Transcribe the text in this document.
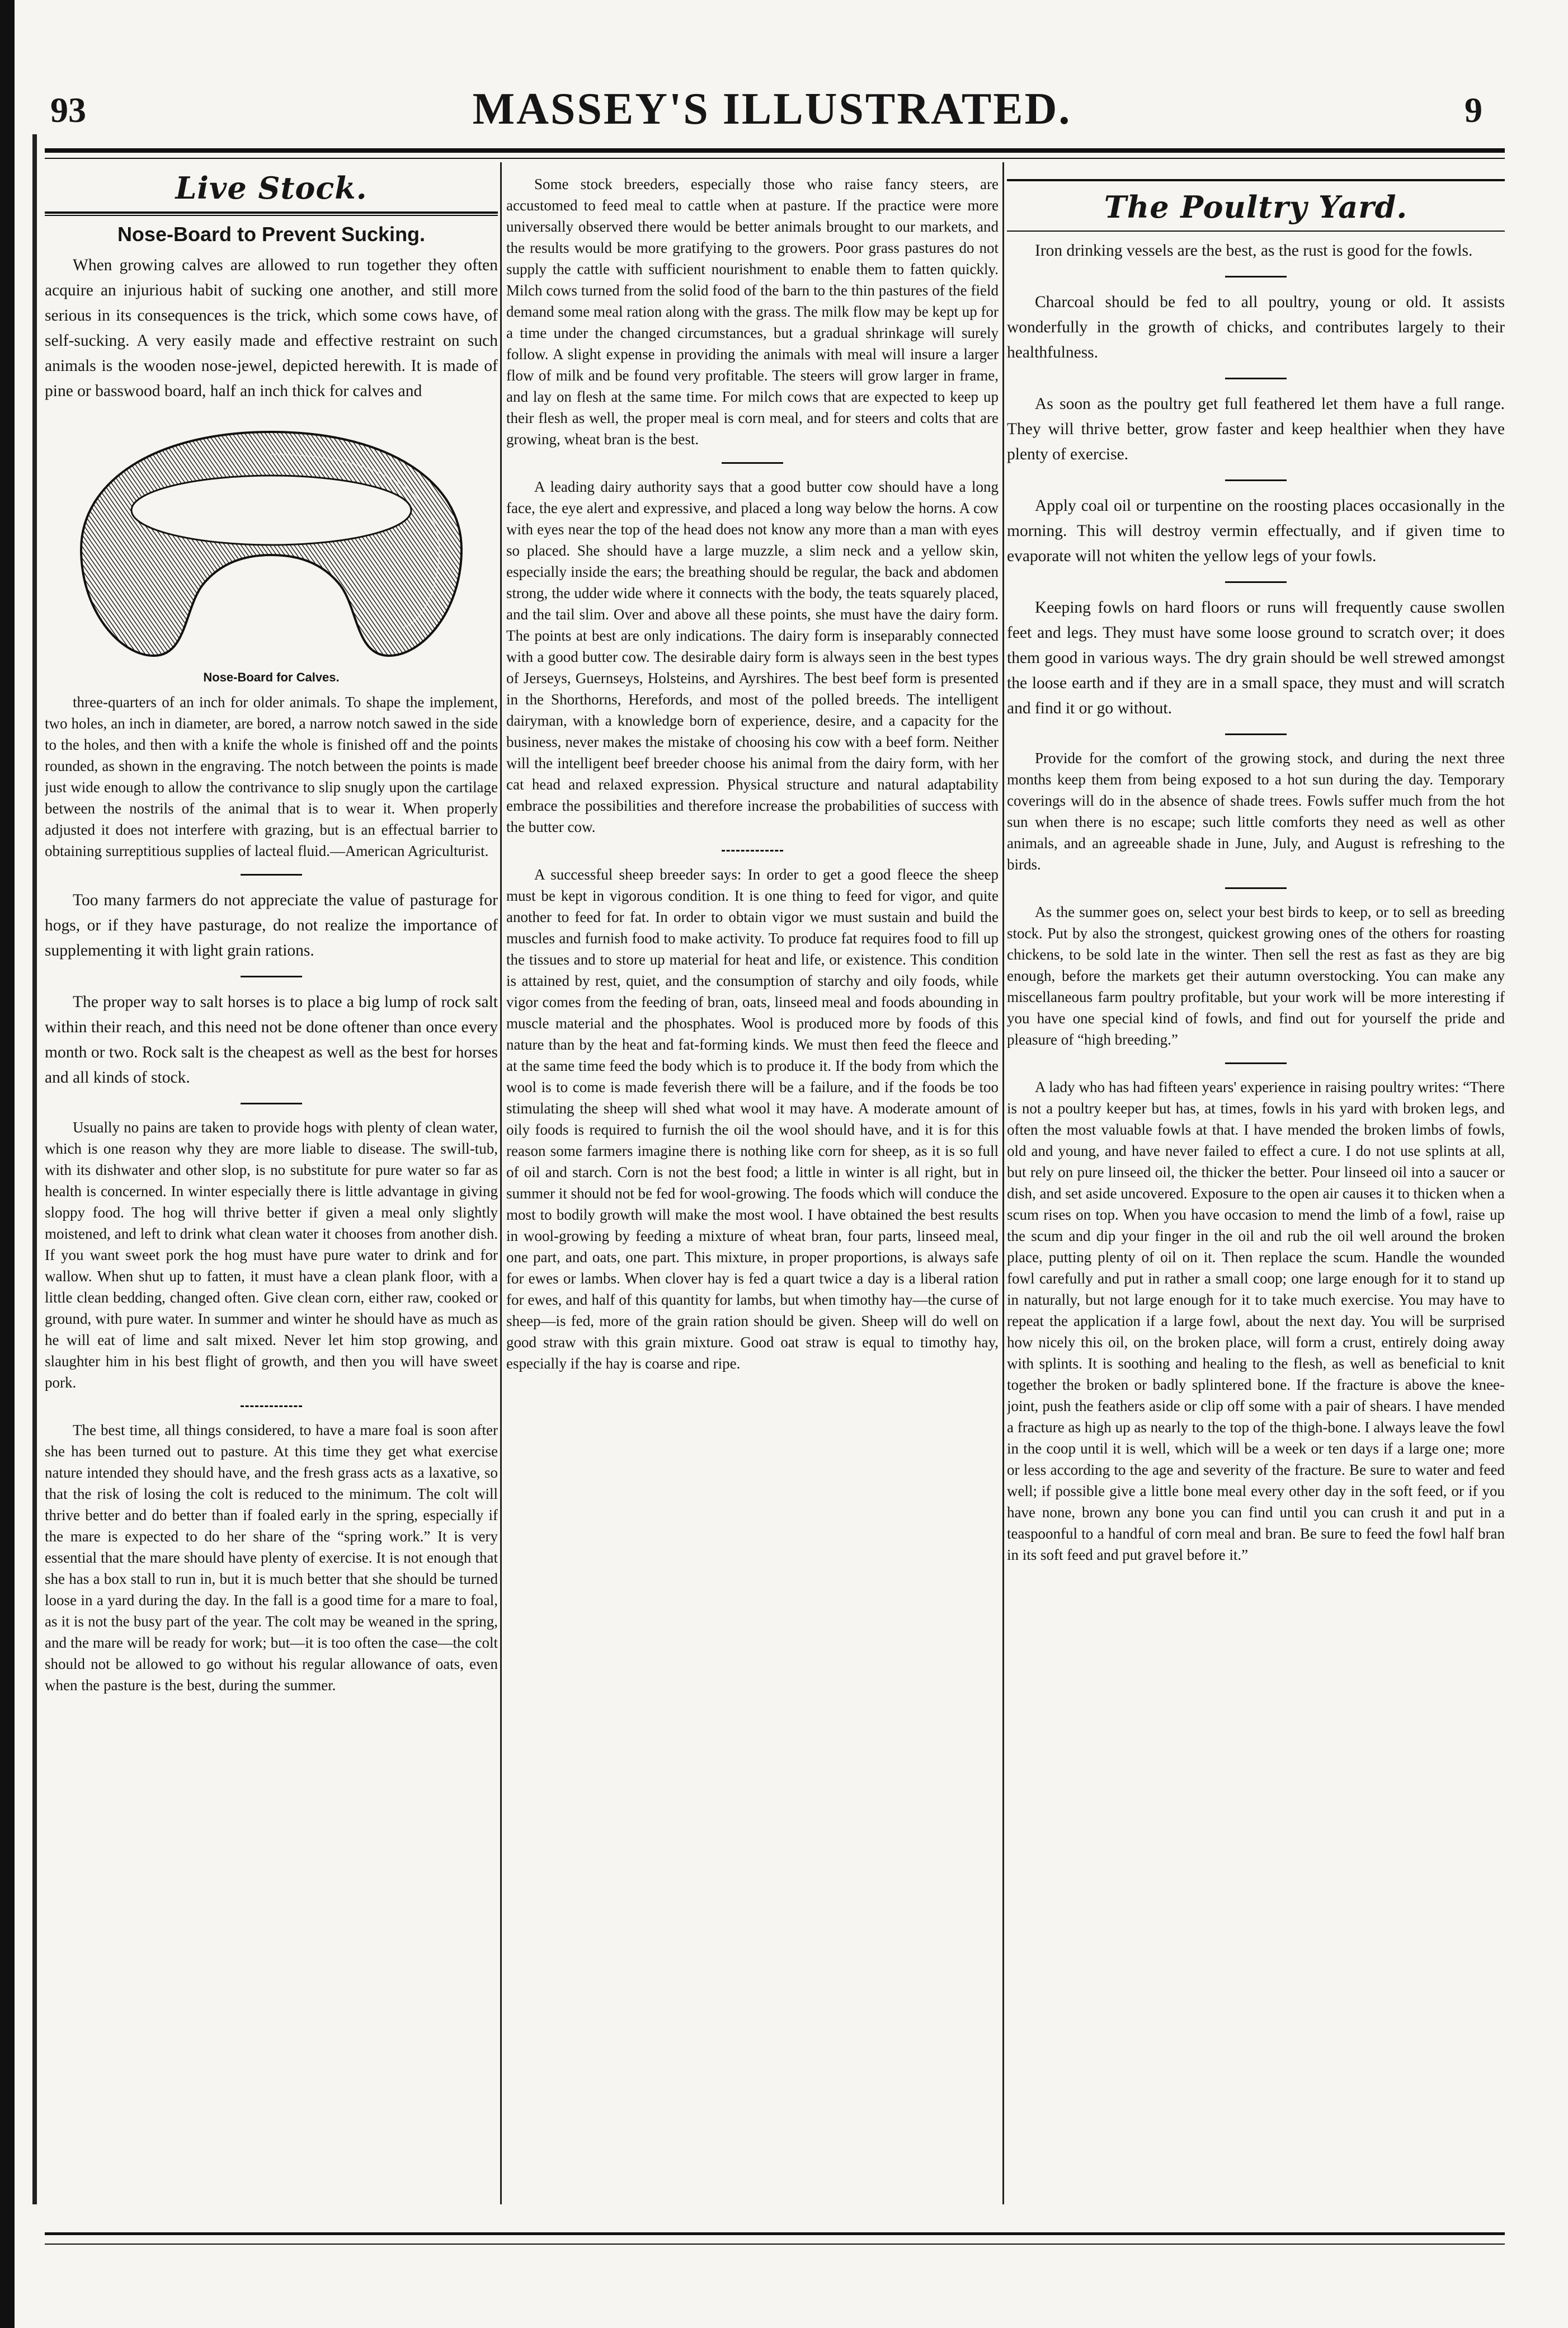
93	MASSEY'S ILLUSTRATED.	9
Live Stock.
Nose-Board to Prevent Sucking.

When growing calves are allowed to run together they often acquire an injurious habit of sucking one another, and still more serious in its consequences is the trick, which some cows have, of self-sucking. A very easily made and effective restraint on such animals is the wooden nose-jewel, depicted herewith. It is made of pine or basswood board, half an inch thick for calves and

Nose-Board for Calves.

three-quarters of an inch for older animals. To shape the implement, two holes, an inch in diameter, are bored, a narrow notch sawed in the side to the holes, and then with a knife the whole is finished off and the points rounded, as shown in the engraving. The notch between the points is made just wide enough to allow the contrivance to slip snugly upon the cartilage between the nostrils of the animal that is to wear it. When properly adjusted it does not interfere with grazing, but is an effectual barrier to obtaining surreptitious supplies of lacteal fluid.—American Agriculturist.

Too many farmers do not appreciate the value of pasturage for hogs, or if they have pasturage, do not realize the importance of supplementing it with light grain rations.

The proper way to salt horses is to place a big lump of rock salt within their reach, and this need not be done oftener than once every month or two. Rock salt is the cheapest as well as the best for horses and all kinds of stock.

Usually no pains are taken to provide hogs with plenty of clean water, which is one reason why they are more liable to disease. The swill-tub, with its dishwater and other slop, is no substitute for pure water so far as health is concerned. In winter especially there is little advantage in giving sloppy food. The hog will thrive better if given a meal only slightly moistened, and left to drink what clean water it chooses from another dish. If you want sweet pork the hog must have pure water to drink and for wallow. When shut up to fatten, it must have a clean plank floor, with a little clean bedding, changed often. Give clean corn, either raw, cooked or ground, with pure water. In summer and winter he should have as much as he will eat of lime and salt mixed. Never let him stop growing, and slaughter him in his best flight of growth, and then you will have sweet pork.

The best time, all things considered, to have a mare foal is soon after she has been turned out to pasture. At this time they get what exercise nature intended they should have, and the fresh grass acts as a laxative, so that the risk of losing the colt is reduced to the minimum. The colt will thrive better and do better than if foaled early in the spring, especially if the mare is expected to do her share of the “spring work.” It is very essential that the mare should have plenty of exercise. It is not enough that she has a box stall to run in, but it is much better that she should be turned loose in a yard during the day. In the fall is a good time for a mare to foal, as it is not the busy part of the year. The colt may be weaned in the spring, and the mare will be ready for work; but—it is too often the case—the colt should not be allowed to go without his regular allowance of oats, even when the pasture is the best, during the summer.

Some stock breeders, especially those who raise fancy steers, are accustomed to feed meal to cattle when at pasture. If the practice were more universally observed there would be better animals brought to our markets, and the results would be more gratifying to the growers. Poor grass pastures do not supply the cattle with sufficient nourishment to enable them to fatten quickly. Milch cows turned from the solid food of the barn to the thin pastures of the field demand some meal ration along with the grass. The milk flow may be kept up for a time under the changed circumstances, but a gradual shrinkage will surely follow. A slight expense in providing the animals with meal will insure a larger flow of milk and be found very profitable. The steers will grow larger in frame, and lay on flesh at the same time. For milch cows that are expected to keep up their flesh as well, the proper meal is corn meal, and for steers and colts that are growing, wheat bran is the best.

A leading dairy authority says that a good butter cow should have a long face, the eye alert and expressive, and placed a long way below the horns. A cow with eyes near the top of the head does not know any more than a man with eyes so placed. She should have a large muzzle, a slim neck and a yellow skin, especially inside the ears; the breathing should be regular, the back and abdomen strong, the udder wide where it connects with the body, the teats squarely placed, and the tail slim. Over and above all these points, she must have the dairy form. The points at best are only indications. The dairy form is inseparably connected with a good butter cow. The desirable dairy form is always seen in the best types of Jerseys, Guernseys, Holsteins, and Ayrshires. The best beef form is presented in the Shorthorns, Herefords, and most of the polled breeds. The intelligent dairyman, with a knowledge born of experience, desire, and a capacity for the business, never makes the mistake of choosing his cow with a beef form. Neither will the intelligent beef breeder choose his animal from the dairy form, with her cat head and relaxed expression. Physical structure and natural adaptability embrace the possibilities and therefore increase the probabilities of success with the butter cow.

A successful sheep breeder says: In order to get a good fleece the sheep must be kept in vigorous condition. It is one thing to feed for vigor, and quite another to feed for fat. In order to obtain vigor we must sustain and build the muscles and furnish food to make activity. To produce fat requires food to fill up the tissues and to store up material for heat and life, or existence. This condition is attained by rest, quiet, and the consumption of starchy and oily foods, while vigor comes from the feeding of bran, oats, linseed meal and foods abounding in muscle material and the phosphates. Wool is produced more by foods of this nature than by the heat and fat-forming kinds. We must then feed the fleece and at the same time feed the body which is to produce it. If the body from which the wool is to come is made feverish there will be a failure, and if the foods be too stimulating the sheep will shed what wool it may have. A moderate amount of oily foods is required to furnish the oil the wool should have, and it is for this reason some farmers imagine there is nothing like corn for sheep, as it is so full of oil and starch. Corn is not the best food; a little in winter is all right, but in summer it should not be fed for wool-growing. The foods which will conduce the most to bodily growth will make the most wool. I have obtained the best results in wool-growing by feeding a mixture of wheat bran, four parts, linseed meal, one part, and oats, one part. This mixture, in proper proportions, is always safe for ewes or lambs. When clover hay is fed a quart twice a day is a liberal ration for ewes, and half of this quantity for lambs, but when timothy hay—the curse of sheep—is fed, more of the grain ration should be given. Sheep will do well on good straw with this grain mixture. Good oat straw is equal to timothy hay, especially if the hay is coarse and ripe.

The Poultry Yard.

Iron drinking vessels are the best, as the rust is good for the fowls.

Charcoal should be fed to all poultry, young or old. It assists wonderfully in the growth of chicks, and contributes largely to their healthfulness.

As soon as the poultry get full feathered let them have a full range. They will thrive better, grow faster and keep healthier when they have plenty of exercise.

Apply coal oil or turpentine on the roosting places occasionally in the morning. This will destroy vermin effectually, and if given time to evaporate will not whiten the yellow legs of your fowls.

Keeping fowls on hard floors or runs will frequently cause swollen feet and legs. They must have some loose ground to scratch over; it does them good in various ways. The dry grain should be well strewed amongst the loose earth and if they are in a small space, they must and will scratch and find it or go without.

Provide for the comfort of the growing stock, and during the next three months keep them from being exposed to a hot sun during the day. Temporary coverings will do in the absence of shade trees. Fowls suffer much from the hot sun when there is no escape; such little comforts they need as well as other animals, and an agreeable shade in June, July, and August is refreshing to the birds.

As the summer goes on, select your best birds to keep, or to sell as breeding stock. Put by also the strongest, quickest growing ones of the others for roasting chickens, to be sold late in the winter. Then sell the rest as fast as they are big enough, before the markets get their autumn overstocking. You can make any miscellaneous farm poultry profitable, but your work will be more interesting if you have one special kind of fowls, and find out for yourself the pride and pleasure of “high breeding.”

A lady who has had fifteen years' experience in raising poultry writes: “There is not a poultry keeper but has, at times, fowls in his yard with broken legs, and often the most valuable fowls at that. I have mended the broken limbs of fowls, old and young, and have never failed to effect a cure. I do not use splints at all, but rely on pure linseed oil, the thicker the better. Pour linseed oil into a saucer or dish, and set aside uncovered. Exposure to the open air causes it to thicken when a scum rises on top. When you have occasion to mend the limb of a fowl, raise up the scum and dip your finger in the oil and rub the oil well around the broken place, putting plenty of oil on it. Then replace the scum. Handle the wounded fowl carefully and put in rather a small coop; one large enough for it to stand up in naturally, but not large enough for it to take much exercise. You may have to repeat the application if a large fowl, about the next day. You will be surprised how nicely this oil, on the broken place, will form a crust, entirely doing away with splints. It is soothing and healing to the flesh, as well as beneficial to knit together the broken or badly splintered bone. If the fracture is above the knee-joint, push the feathers aside or clip off some with a pair of shears. I have mended a fracture as high up as nearly to the top of the thigh-bone. I always leave the fowl in the coop until it is well, which will be a week or ten days if a large one; more or less according to the age and severity of the fracture. Be sure to water and feed well; if possible give a little bone meal every other day in the soft feed, or if you have none, brown any bone you can find until you can crush it and put in a teaspoonful to a handful of corn meal and bran. Be sure to feed the fowl half bran in its soft feed and put gravel before it.”
